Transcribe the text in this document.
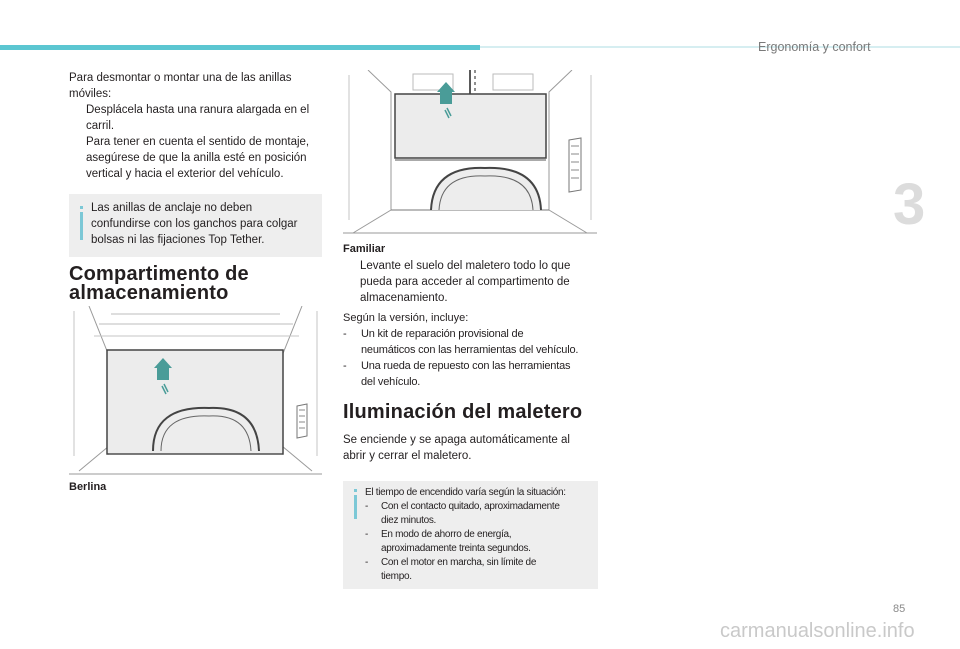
Ergonomía y confort
3
Para desmontar o montar una de las anillas
móviles:
Desplácela hasta una ranura alargada en el
carril.
Para tener en cuenta el sentido de montaje,
asegúrese de que la anilla esté en posición
vertical y hacia el exterior del vehículo.
Las anillas de anclaje no deben
confundirse con los ganchos para colgar
bolsas ni las fijaciones Top Tether.
Compartimento de
almacenamiento
Berlina
Familiar
Levante el suelo del maletero todo lo que
pueda para acceder al compartimento de
almacenamiento.
Según la versión, incluye:
- Un kit de reparación provisional de
neumáticos con las herramientas del vehículo.
- Una rueda de repuesto con las herramientas
del vehículo.
Iluminación del maletero
Se enciende y se apaga automáticamente al
abrir y cerrar el maletero.
El tiempo de encendido varía según la situación:
- Con el contacto quitado, aproximadamente
diez minutos.
- En modo de ahorro de energía,
aproximadamente treinta segundos.
- Con el motor en marcha, sin límite de
tiempo.
85
carmanualsonline.info
